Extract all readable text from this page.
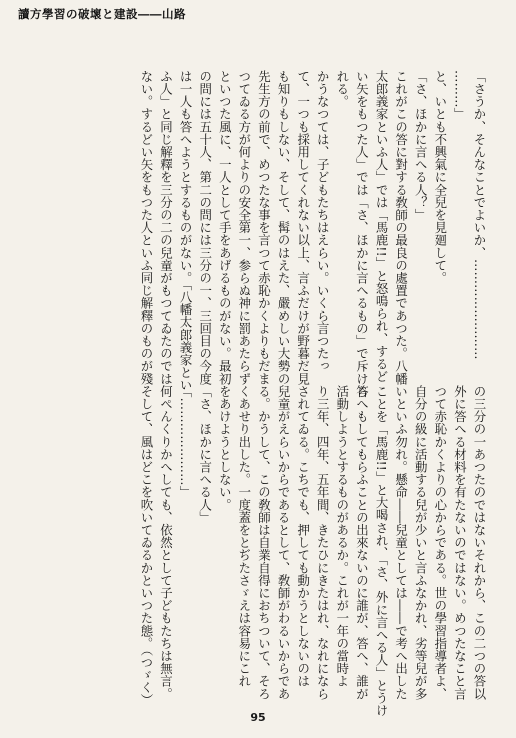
讀方學習の破壞と建設――山路
「さうか、そんなことでよいか、……………………
………」
と、いとも不興氣に全兒を見廻して。
「さ、ほかに言へる人？」
これがこの答に對する敎師の最良の處置であつた。八幡
太郎義家といふ人」では「馬鹿!!」と怒鳴られ、するど
い矢をもつた人」では「さ、ほかに言へるもの」で斥けら
れる。
かうなつては、子どもたちはえらい。いくら言つたっ
て、一つも採用してくれない以上、言ふだけが野暮だ見
も知りもしない、そして、髯のはえた、嚴めしい大勢の
先生方の前で、めつたな事を言つて赤恥かくよりもだま
つてゐる方が何よりの安全第一、参らぬ神に罰あたらず
といつた風に、一人として手をあげるものがない。最初
の問には五十人、第二の問には三分の一、三回目の今度
は一人も答へようとするものがない。「八幡太郎義家とい
ふ人」と同じ解釋を三分の二の兒童がもつてゐたのでは
ない。するどい矢をもつた人といふ同じ解釋のものが殘
の三分の一あつたのではないそれから、この二つの答以
外に答へる材料を有たないのではない。めつたなこと言
つて赤恥かくよりの心からである。世の學習指導者よ、
自分の級に活動する兒が少いと言ふなかれ、劣等兒が多
いといふ勿れ。懸命――兒童としては――で考へ出した
ことを「馬鹿!!」と大喝され、「さ、外に言へる人」とうけ
答へもしてもらふことの出來ないのに誰が、答へ、誰が
活動しようとするものがあるか。これが一年の當時よ
り三年、四年、五年間、きたひにきたはれ、なれになら
されてゐる。こちでも、押しても動かうとしないのは
兒童がえらいからであるとして、敎師がわるいからであ
る。かうして、この敎師は自業自得におちついて、そろ
くあせり出した。一度蓋をとぢたさゞえは容易にこれ
をあけようとしない。
「さ、ほかに言へる人」
「…………………」
何ぺんくりかへしても、依然として子どもたちは無言。
そして、風はどこを吹いてゐるかといつた態。（つゞく）
95
